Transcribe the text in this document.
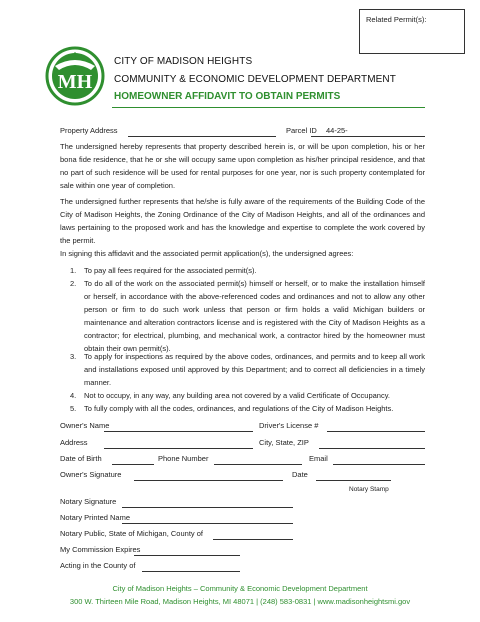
Related Permit(s):
MH
CITY OF MADISON HEIGHTS
COMMUNITY & ECONOMIC DEVELOPMENT DEPARTMENT
HOMEOWNER AFFIDAVIT TO OBTAIN PERMITS
Property Address	Parcel ID 44-25-
The undersigned hereby represents that property described herein is, or will be upon completion, his or her bona fide residence, that he or she will occupy same upon completion as his/her principal residence, and that no part of such residence will be used for rental purposes for one year, nor is such property contemplated for sale within one year of completion.
The undersigned further represents that he/she is fully aware of the requirements of the Building Code of the City of Madison Heights, the Zoning Ordinance of the City of Madison Heights, and all of the ordinances and laws pertaining to the proposed work and has the knowledge and expertise to complete the work covered by the permit.
In signing this affidavit and the associated permit application(s), the undersigned agrees:
1. To pay all fees required for the associated permit(s).
2. To do all of the work on the associated permit(s) himself or herself, or to make the installation himself or herself, in accordance with the above-referenced codes and ordinances and not to allow any other person or firm to do such work unless that person or firm holds a valid Michigan builders or maintenance and alteration contractors license and is registered with the City of Madison Heights as a contractor; for electrical, plumbing, and mechanical work, a contractor hired by the homeowner must obtain their own permit(s).
3. To apply for inspections as required by the above codes, ordinances, and permits and to keep all work and installations exposed until approved by this Department; and to correct all deficiencies in a timely manner.
4. Not to occupy, in any way, any building area not covered by a valid Certificate of Occupancy.
5. To fully comply with all the codes, ordinances, and regulations of the City of Madison Heights.
Owner's Name	Driver's License #
Address	City, State, ZIP
Date of Birth	Phone Number	Email
Owner's Signature	Date
Notary Stamp
Notary Signature
Notary Printed Name
Notary Public, State of Michigan, County of
My Commission Expires
Acting in the County of
City of Madison Heights – Community & Economic Development Department
300 W. Thirteen Mile Road, Madison Heights, MI 48071 | (248) 583-0831 | www.madisonheightsmi.gov
